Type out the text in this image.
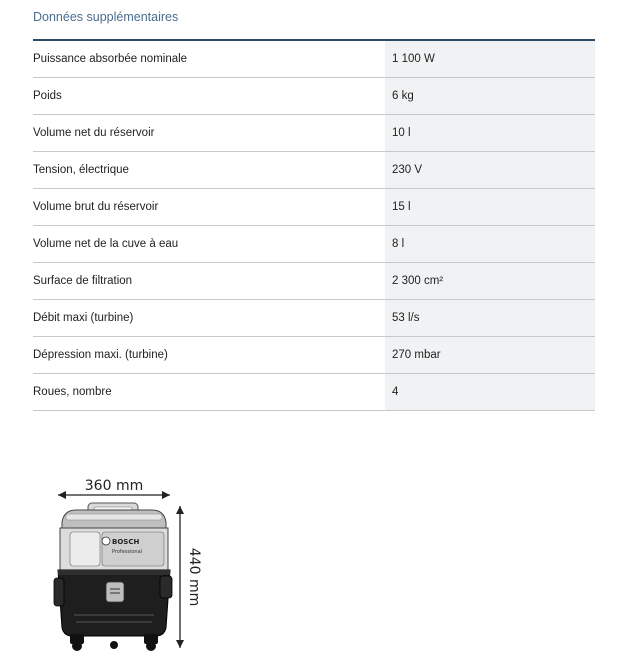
Données supplémentaires
Puissance absorbée nominale	1 100 W
Poids	6 kg
Volume net du réservoir	10 l
Tension, électrique	230 V
Volume brut du réservoir	15 l
Volume net de la cuve à eau	8 l
Surface de filtration	2 300 cm²
Débit maxi (turbine)	53 l/s
Dépression maxi. (turbine)	270 mbar
Roues, nombre	4
360 mm
440 mm
BOSCH
Professional
